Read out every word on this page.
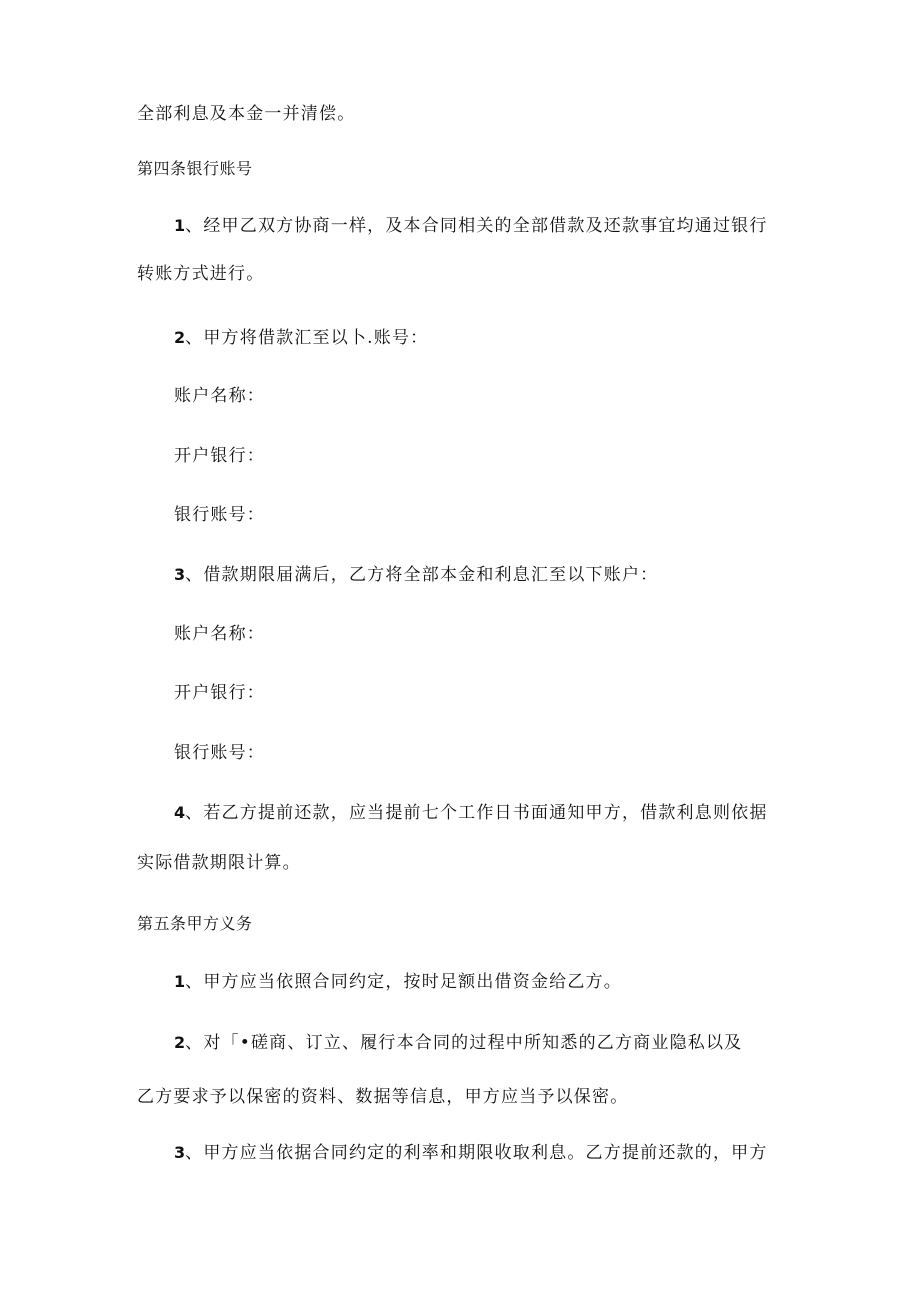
全部利息及本金一并清偿。
第四条银行账号
1、经甲乙双方协商一样，及本合同相关的全部借款及还款事宜均通过银行
转账方式进行。
2、甲方将借款汇至以卜.账号：
账户名称：
开户银行：
银行账号：
3、借款期限届满后，乙方将全部本金和利息汇至以下账户：
账户名称：
开户银行：
银行账号：
4、若乙方提前还款，应当提前七个工作日书面通知甲方，借款利息则依据
实际借款期限计算。
第五条甲方义务
1、甲方应当依照合同约定，按时足额出借资金给乙方。
2、对「•磋商、订立、履行本合同的过程中所知悉的乙方商业隐私以及
乙方要求予以保密的资料、数据等信息，甲方应当予以保密。
3、甲方应当依据合同约定的利率和期限收取利息。乙方提前还款的，甲方
